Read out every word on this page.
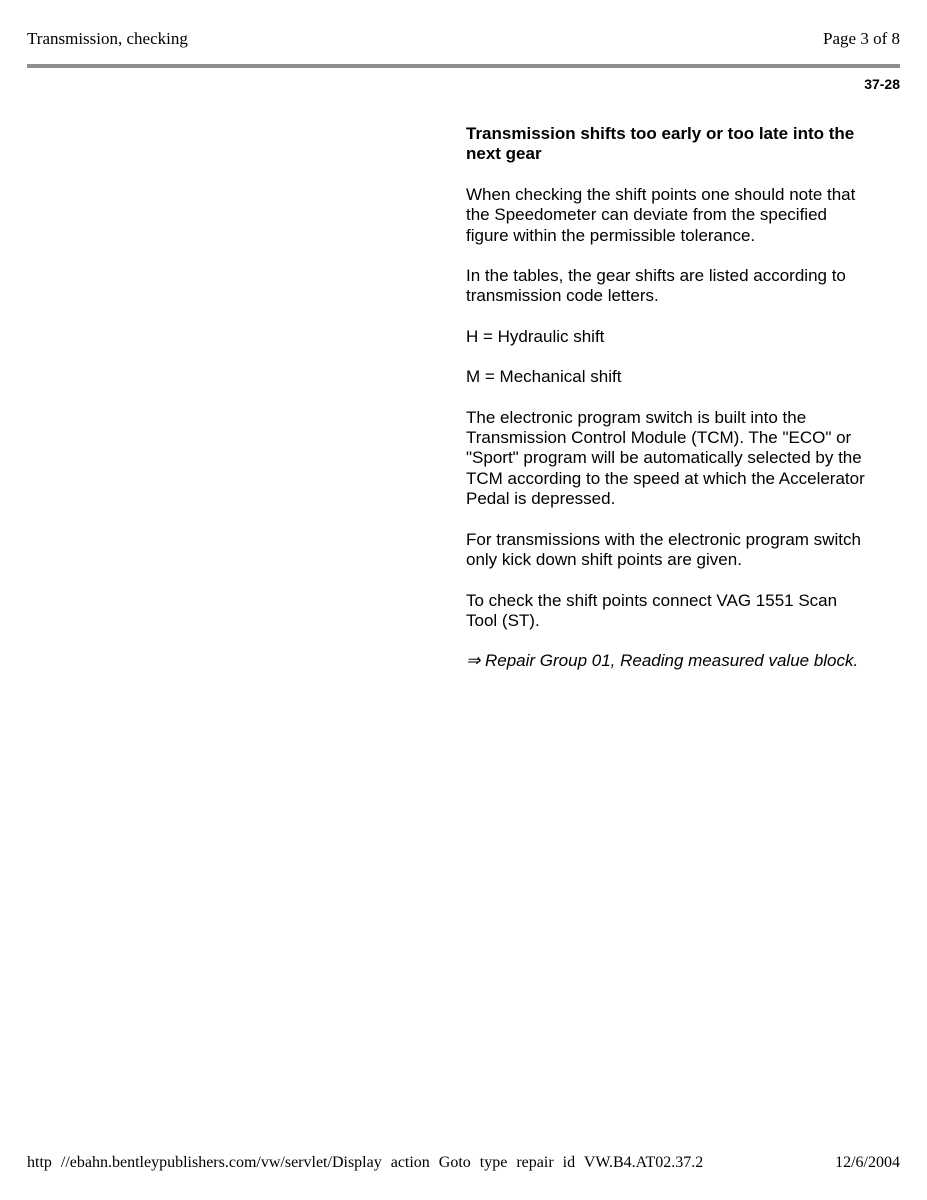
Transmission, checking	Page 3 of 8
37-28
Transmission shifts too early or too late into the next gear

When checking the shift points one should note that the Speedometer can deviate from the specified figure within the permissible tolerance.

In the tables, the gear shifts are listed according to transmission code letters.

H = Hydraulic shift

M = Mechanical shift

The electronic program switch is built into the Transmission Control Module (TCM). The "ECO" or "Sport" program will be automatically selected by the TCM according to the speed at which the Accelerator Pedal is depressed.

For transmissions with the electronic program switch only kick down shift points are given.

To check the shift points connect VAG 1551 Scan Tool (ST).

⇒ Repair Group 01, Reading measured value block.

http //ebahn.bentleypublishers.com/vw/servlet/Display action Goto type repair id VW.B4.AT02.37.2	12/6/2004
